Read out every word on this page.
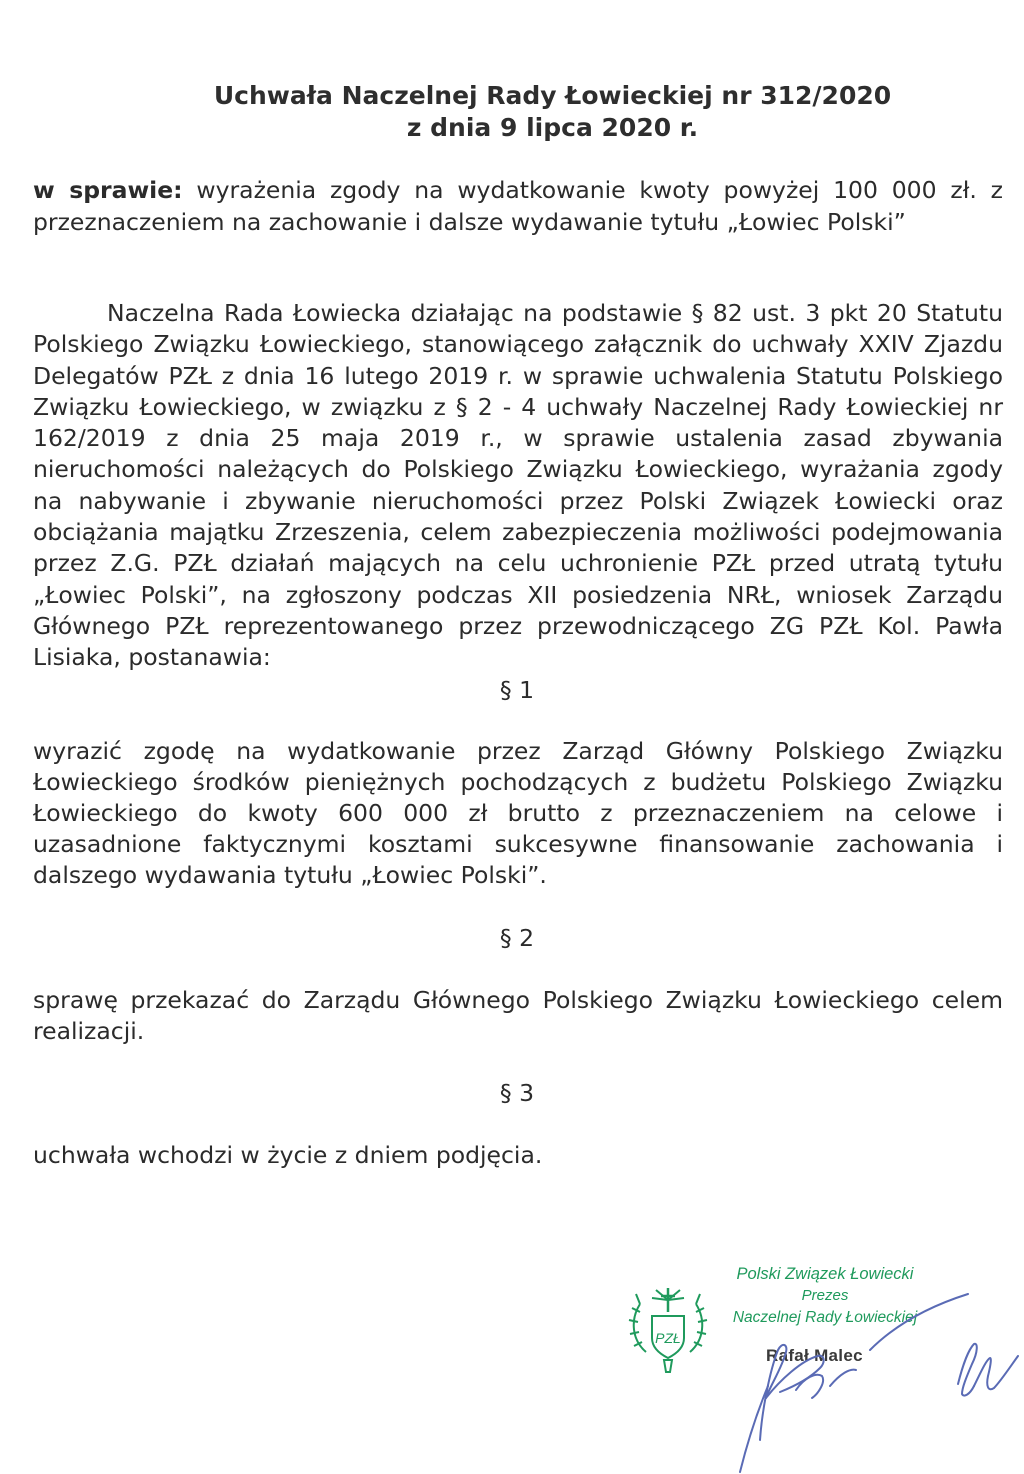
Uchwała Naczelnej Rady Łowieckiej nr 312/2020
z dnia 9 lipca 2020 r.
w sprawie: wyrażenia zgody na wydatkowanie kwoty powyżej 100 000 zł. z przeznaczeniem na zachowanie i dalsze wydawanie tytułu „Łowiec Polski”
Naczelna Rada Łowiecka działając na podstawie § 82 ust. 3 pkt 20 Statutu Polskiego Związku Łowieckiego, stanowiącego załącznik do uchwały XXIV Zjazdu Delegatów PZŁ z dnia 16 lutego 2019 r. w sprawie uchwalenia Statutu Polskiego Związku Łowieckiego, w związku z § 2 - 4 uchwały Naczelnej Rady Łowieckiej nr 162/2019 z dnia 25 maja 2019 r., w sprawie ustalenia zasad zbywania nieruchomości należących do Polskiego Związku Łowieckiego, wyrażania zgody na nabywanie i zbywanie nieruchomości przez Polski Związek Łowiecki oraz obciążania majątku Zrzeszenia, celem zabezpieczenia możliwości podejmowania przez Z.G. PZŁ działań mających na celu uchronienie PZŁ przed utratą tytułu „Łowiec Polski”, na zgłoszony podczas XII posiedzenia NRŁ, wniosek Zarządu Głównego PZŁ reprezentowanego przez przewodniczącego ZG PZŁ Kol. Pawła Lisiaka, postanawia:
§ 1
wyrazić zgodę na wydatkowanie przez Zarząd Główny Polskiego Związku Łowieckiego środków pieniężnych pochodzących z budżetu Polskiego Związku Łowieckiego do kwoty 600 000 zł brutto z przeznaczeniem na celowe i uzasadnione faktycznymi kosztami sukcesywne finansowanie zachowania i dalszego wydawania tytułu „Łowiec Polski”.
§ 2
sprawę przekazać do Zarządu Głównego Polskiego Związku Łowieckiego celem realizacji.
§ 3
uchwała wchodzi w życie z dniem podjęcia.
PZŁ
Polski Związek Łowiecki
Prezes
Naczelnej Rady Łowieckiej
Rafał Malec
